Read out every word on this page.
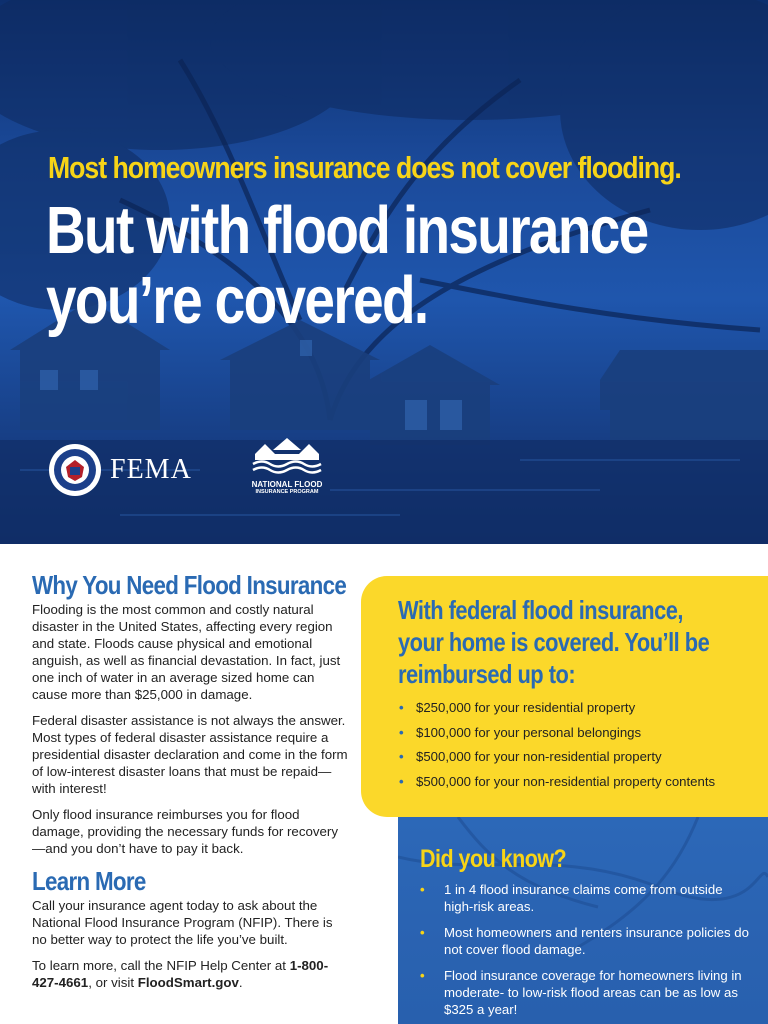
Most homeowners insurance does not cover flooding.
But with flood insurance
you’re covered.
FEMA	NATIONAL FLOOD
INSURANCE PROGRAM
Why You Need Flood Insurance

Flooding is the most common and costly natural disaster in the United States, affecting every region and state. Floods cause physical and emotional anguish, as well as financial devastation. In fact, just one inch of water in an average sized home can cause more than $25,000 in damage.

Federal disaster assistance is not always the answer. Most types of federal disaster assistance require a presidential disaster declaration and come in the form of low-interest disaster loans that must be repaid—with interest!

Only flood insurance reimburses you for flood damage, providing the necessary funds for recovery—and you don’t have to pay it back.

Learn More

Call your insurance agent today to ask about the National Flood Insurance Program (NFIP). There is no better way to protect the life you’ve built.

To learn more, call the NFIP Help Center at 1-800-427-4661, or visit FloodSmart.gov.

With federal flood insurance,
your home is covered. You’ll be
reimbursed up to:
• $250,000 for your residential property
• $100,000 for your personal belongings
• $500,000 for your non-residential property
• $500,000 for your non-residential property contents
Did you know?
• 1 in 4 flood insurance claims come from outside high-risk areas.
• Most homeowners and renters insurance policies do not cover flood damage.
• Flood insurance coverage for homeowners living in moderate- to low-risk flood areas can be as low as $325 a year!
